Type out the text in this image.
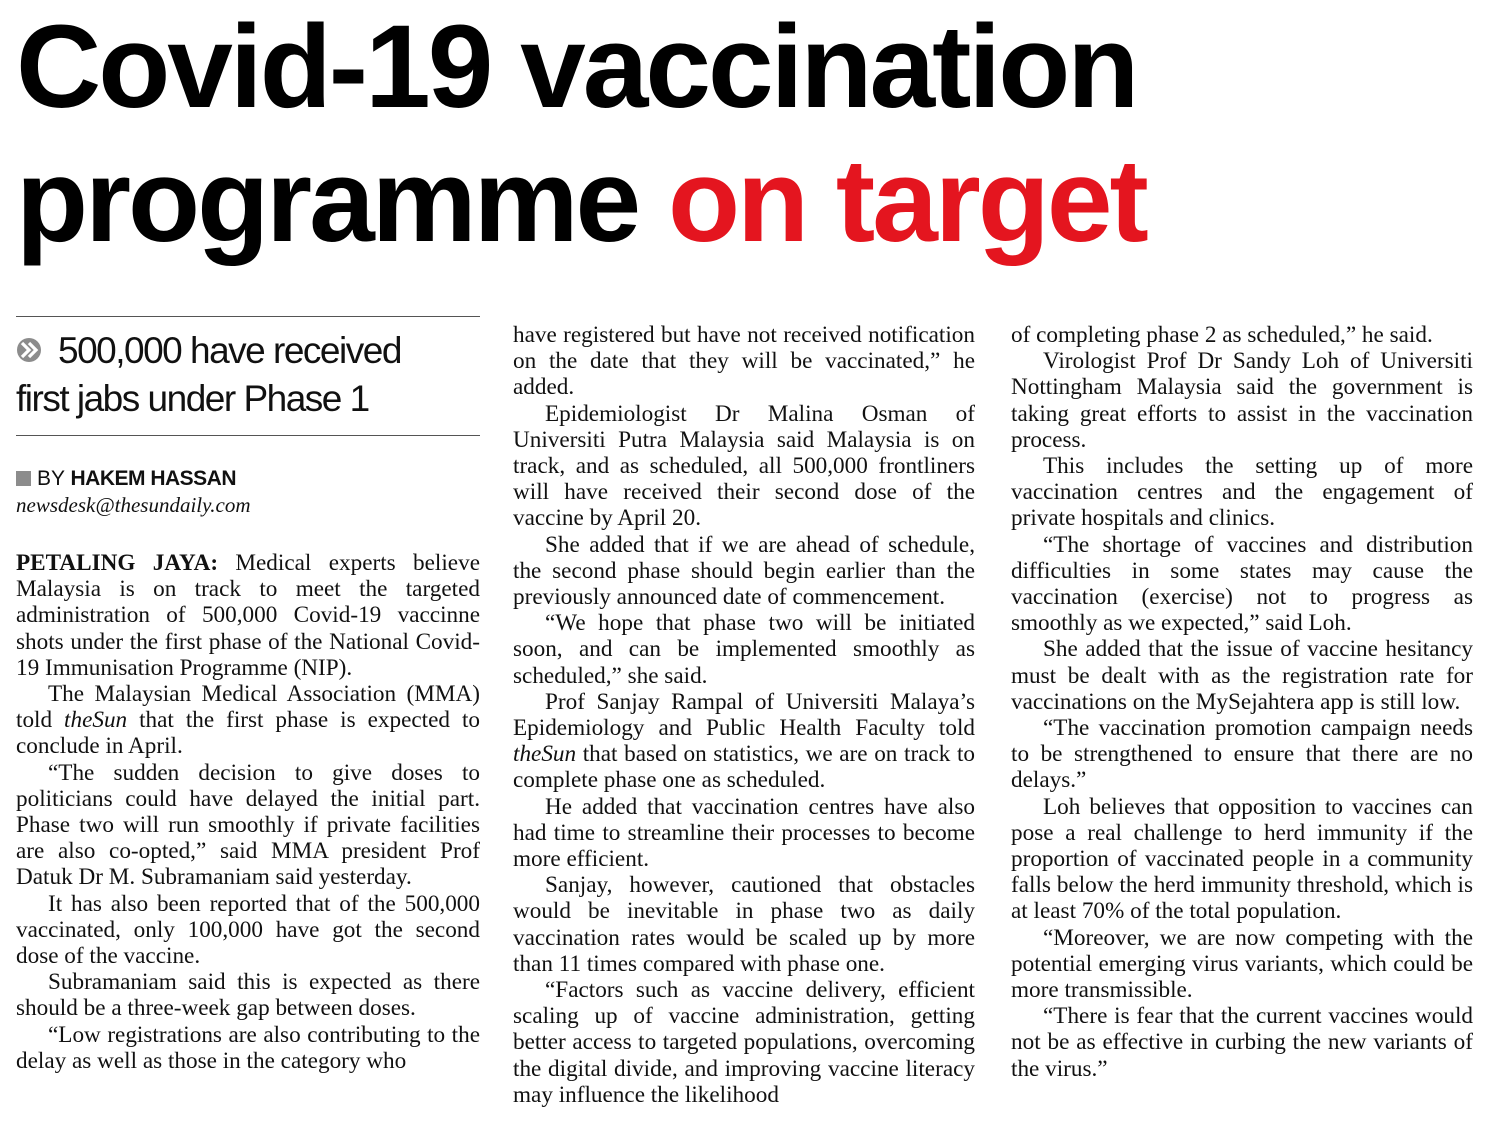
Covid-19 vaccination
programme on target
500,000 have received
first jabs under Phase 1
BY HAKEM HASSAN
newsdesk@thesundaily.com

PETALING JAYA: Medical experts believe Malaysia is on track to meet the targeted administration of 500,000 Covid-19 vaccinne shots under the first phase of the National Covid-19 Immunisation Programme (NIP).

The Malaysian Medical Association (MMA) told theSun that the first phase is expected to conclude in April.

“The sudden decision to give doses to politicians could have delayed the initial part. Phase two will run smoothly if private facilities are also co-opted,” said MMA president Prof Datuk Dr M. Subramaniam said yesterday.

It has also been reported that of the 500,000 vaccinated, only 100,000 have got the second dose of the vaccine.

Subramaniam said this is expected as there should be a three-week gap between doses.

“Low registrations are also contributing to the delay as well as those in the category who

have registered but have not received notification on the date that they will be vaccinated,” he added.

Epidemiologist Dr Malina Osman of Universiti Putra Malaysia said Malaysia is on track, and as scheduled, all 500,000 frontliners will have received their second dose of the vaccine by April 20.

She added that if we are ahead of schedule, the second phase should begin earlier than the previously announced date of commencement.

“We hope that phase two will be initiated soon, and can be implemented smoothly as scheduled,” she said.

Prof Sanjay Rampal of Universiti Malaya’s Epidemiology and Public Health Faculty told theSun that based on statistics, we are on track to complete phase one as scheduled.

He added that vaccination centres have also had time to streamline their processes to become more efficient.

Sanjay, however, cautioned that obstacles would be inevitable in phase two as daily vaccination rates would be scaled up by more than 11 times compared with phase one.

“Factors such as vaccine delivery, efficient scaling up of vaccine administration, getting better access to targeted populations, overcoming the digital divide, and improving vaccine literacy may influence the likelihood

of completing phase 2 as scheduled,” he said.

Virologist Prof Dr Sandy Loh of Universiti Nottingham Malaysia said the government is taking great efforts to assist in the vaccination process.

This includes the setting up of more vaccination centres and the engagement of private hospitals and clinics.

“The shortage of vaccines and distribution difficulties in some states may cause the vaccination (exercise) not to progress as smoothly as we expected,” said Loh.

She added that the issue of vaccine hesitancy must be dealt with as the registration rate for vaccinations on the MySejahtera app is still low.

“The vaccination promotion campaign needs to be strengthened to ensure that there are no delays.”

Loh believes that opposition to vaccines can pose a real challenge to herd immunity if the proportion of vaccinated people in a community falls below the herd immunity threshold, which is at least 70% of the total population.

“Moreover, we are now competing with the potential emerging virus variants, which could be more transmissible.

“There is fear that the current vaccines would not be as effective in curbing the new variants of the virus.”
